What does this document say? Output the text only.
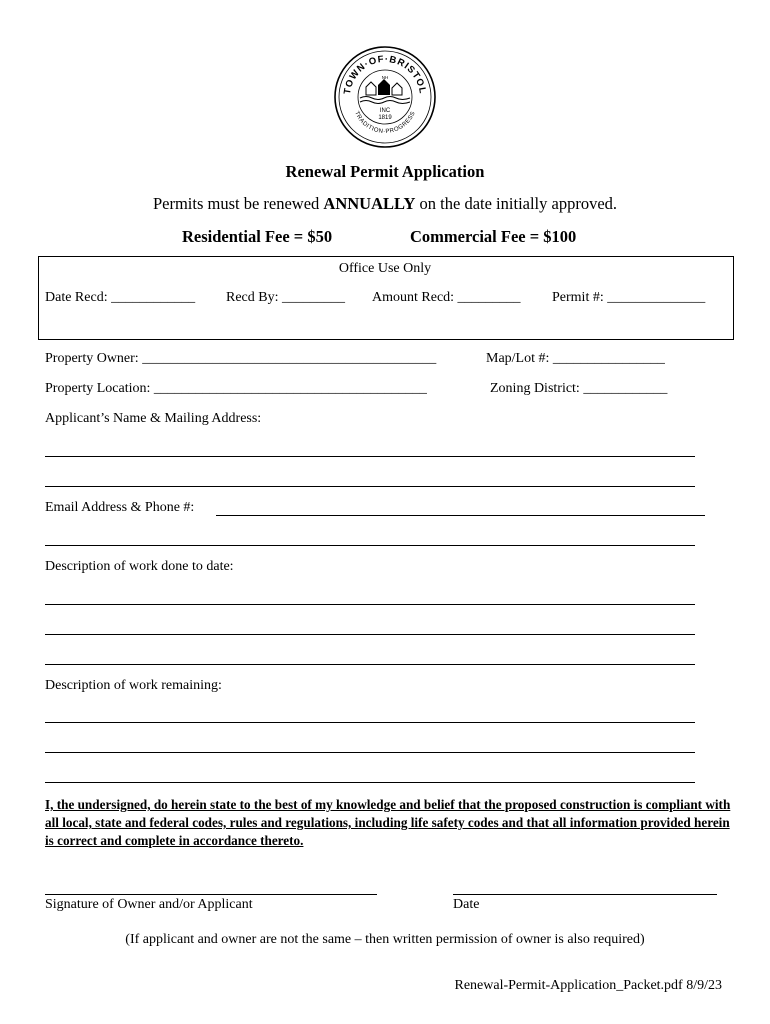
TOWN·OF·BRISTOL
TRADITION·PROGRESS
NH
INC
1819
Renewal Permit Application
Permits must be renewed ANNUALLY on the date initially approved.
Residential Fee = $50	Commercial Fee = $100
Office Use Only
Date Recd: ____________ Recd By: _________ Amount Recd: _________ Permit #: ______________
Property Owner: __________________________________________	Map/Lot #: ________________
Property Location: _______________________________________	Zoning District: ____________
Applicant’s Name & Mailing Address:
Email Address & Phone #:
Description of work done to date:
Description of work remaining:
I, the undersigned, do herein state to the best of my knowledge and belief that the proposed construction is compliant with all local, state and federal codes, rules and regulations, including life safety codes and that all information provided herein is correct and complete in accordance thereto.
Signature of Owner and/or Applicant	Date
(If applicant and owner are not the same – then written permission of owner is also required)
Renewal-Permit-Application_Packet.pdf 8/9/23
